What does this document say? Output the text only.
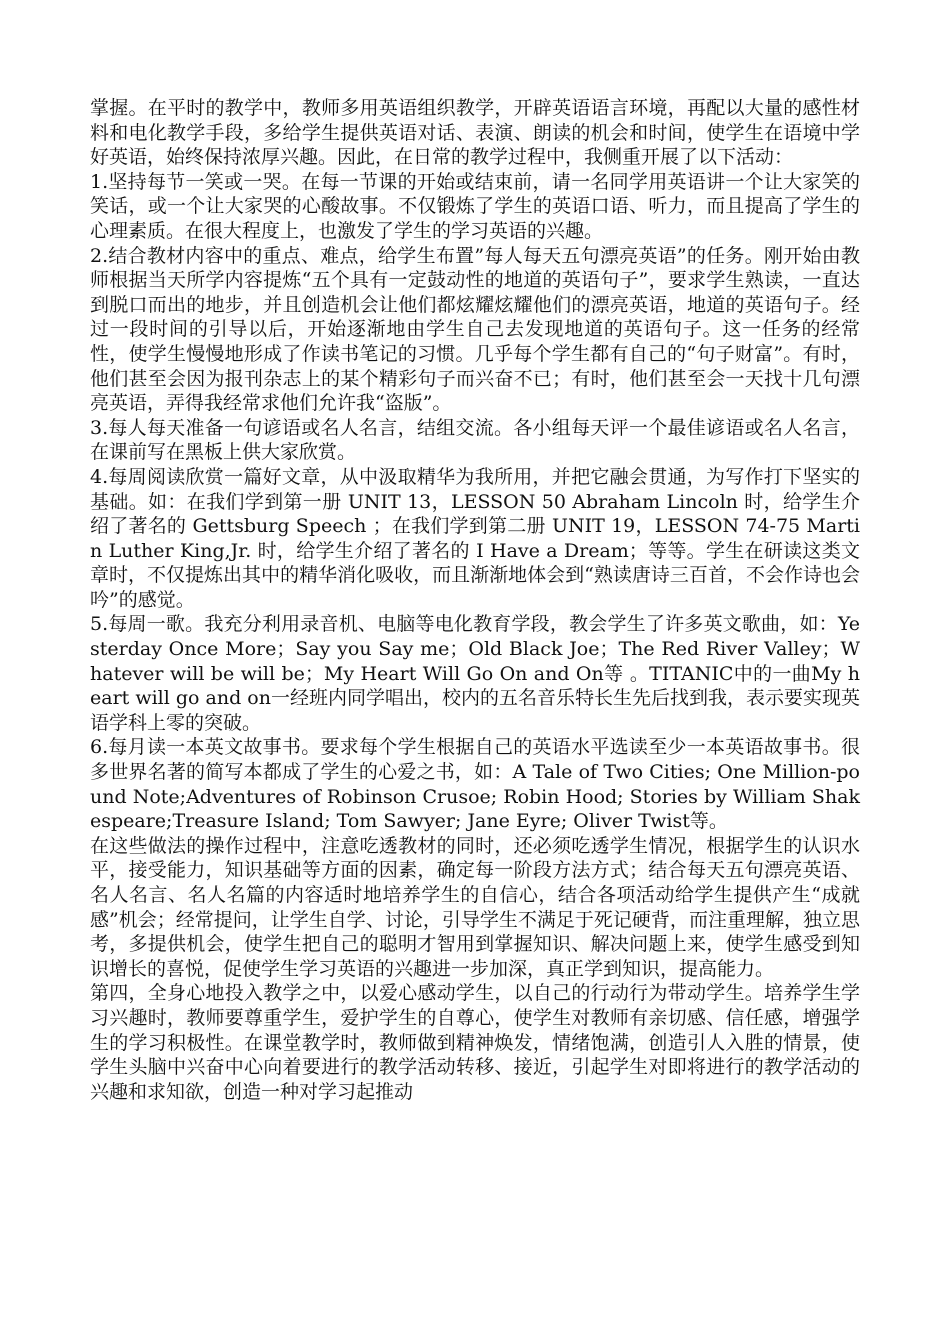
掌握。在平时的教学中，教师多用英语组织教学，开辟英语语言环境，再配以大量的感性材料和电化教学手段，多给学生提供英语对话、表演、朗读的机会和时间，使学生在语境中学好英语，始终保持浓厚兴趣。因此，在日常的教学过程中，我侧重开展了以下活动：

1.坚持每节一笑或一哭。在每一节课的开始或结束前，请一名同学用英语讲一个让大家笑的笑话，或一个让大家哭的心酸故事。不仅锻炼了学生的英语口语、听力，而且提高了学生的心理素质。在很大程度上，也激发了学生的学习英语的兴趣。

2.结合教材内容中的重点、难点，给学生布置”每人每天五句漂亮英语”的任务。刚开始由教师根据当天所学内容提炼“五个具有一定鼓动性的地道的英语句子”，要求学生熟读，一直达到脱口而出的地步，并且创造机会让他们都炫耀炫耀他们的漂亮英语，地道的英语句子。经过一段时间的引导以后，开始逐渐地由学生自己去发现地道的英语句子。这一任务的经常性，使学生慢慢地形成了作读书笔记的习惯。几乎每个学生都有自己的“句子财富”。有时，他们甚至会因为报刊杂志上的某个精彩句子而兴奋不已；有时，他们甚至会一天找十几句漂亮英语，弄得我经常求他们允许我“盗版”。

3.每人每天准备一句谚语或名人名言，结组交流。各小组每天评一个最佳谚语或名人名言，在课前写在黑板上供大家欣赏。

4.每周阅读欣赏一篇好文章，从中汲取精华为我所用，并把它融会贯通，为写作打下坚实的基础。如：在我们学到第一册 UNIT 13，LESSON 50 Abraham Lincoln 时，给学生介绍了著名的 Gettsburg Speech ；在我们学到第二册 UNIT 19，LESSON 74-75 Martin Luther King,Jr. 时，给学生介绍了著名的 I Have a Dream；等等。学生在研读这类文章时，不仅提炼出其中的精华消化吸收，而且渐渐地体会到“熟读唐诗三百首，不会作诗也会吟”的感觉。

5.每周一歌。我充分利用录音机、电脑等电化教育学段，教会学生了许多英文歌曲，如：Yesterday Once More；Say you Say me；Old Black Joe；The Red River Valley；Whatever will be will be；My Heart Will Go On and On等 。TITANIC中的一曲My heart will go and on一经班内同学唱出，校内的五名音乐特长生先后找到我，表示要实现英语学科上零的突破。

6.每月读一本英文故事书。要求每个学生根据自己的英语水平选读至少一本英语故事书。很多世界名著的简写本都成了学生的心爱之书，如：A Tale of Two Cities; One Million-pound Note;Adventures of Robinson Crusoe; Robin Hood; Stories by William Shakespeare;Treasure Island; Tom Sawyer; Jane Eyre; Oliver Twist等。

在这些做法的操作过程中，注意吃透教材的同时，还必须吃透学生情况，根据学生的认识水平，接受能力，知识基础等方面的因素，确定每一阶段方法方式；结合每天五句漂亮英语、名人名言、名人名篇的内容适时地培养学生的自信心，结合各项活动给学生提供产生“成就感”机会；经常提问，让学生自学、讨论，引导学生不满足于死记硬背，而注重理解，独立思考，多提供机会，使学生把自己的聪明才智用到掌握知识、解决问题上来，使学生感受到知识增长的喜悦，促使学生学习英语的兴趣进一步加深，真正学到知识，提高能力。

第四，全身心地投入教学之中，以爱心感动学生，以自己的行动行为带动学生。培养学生学习兴趣时，教师要尊重学生，爱护学生的自尊心，使学生对教师有亲切感、信任感，增强学生的学习积极性。在课堂教学时，教师做到精神焕发，情绪饱满，创造引人入胜的情景，使学生头脑中兴奋中心向着要进行的教学活动转移、接近，引起学生对即将进行的教学活动的兴趣和求知欲，创造一种对学习起推动
